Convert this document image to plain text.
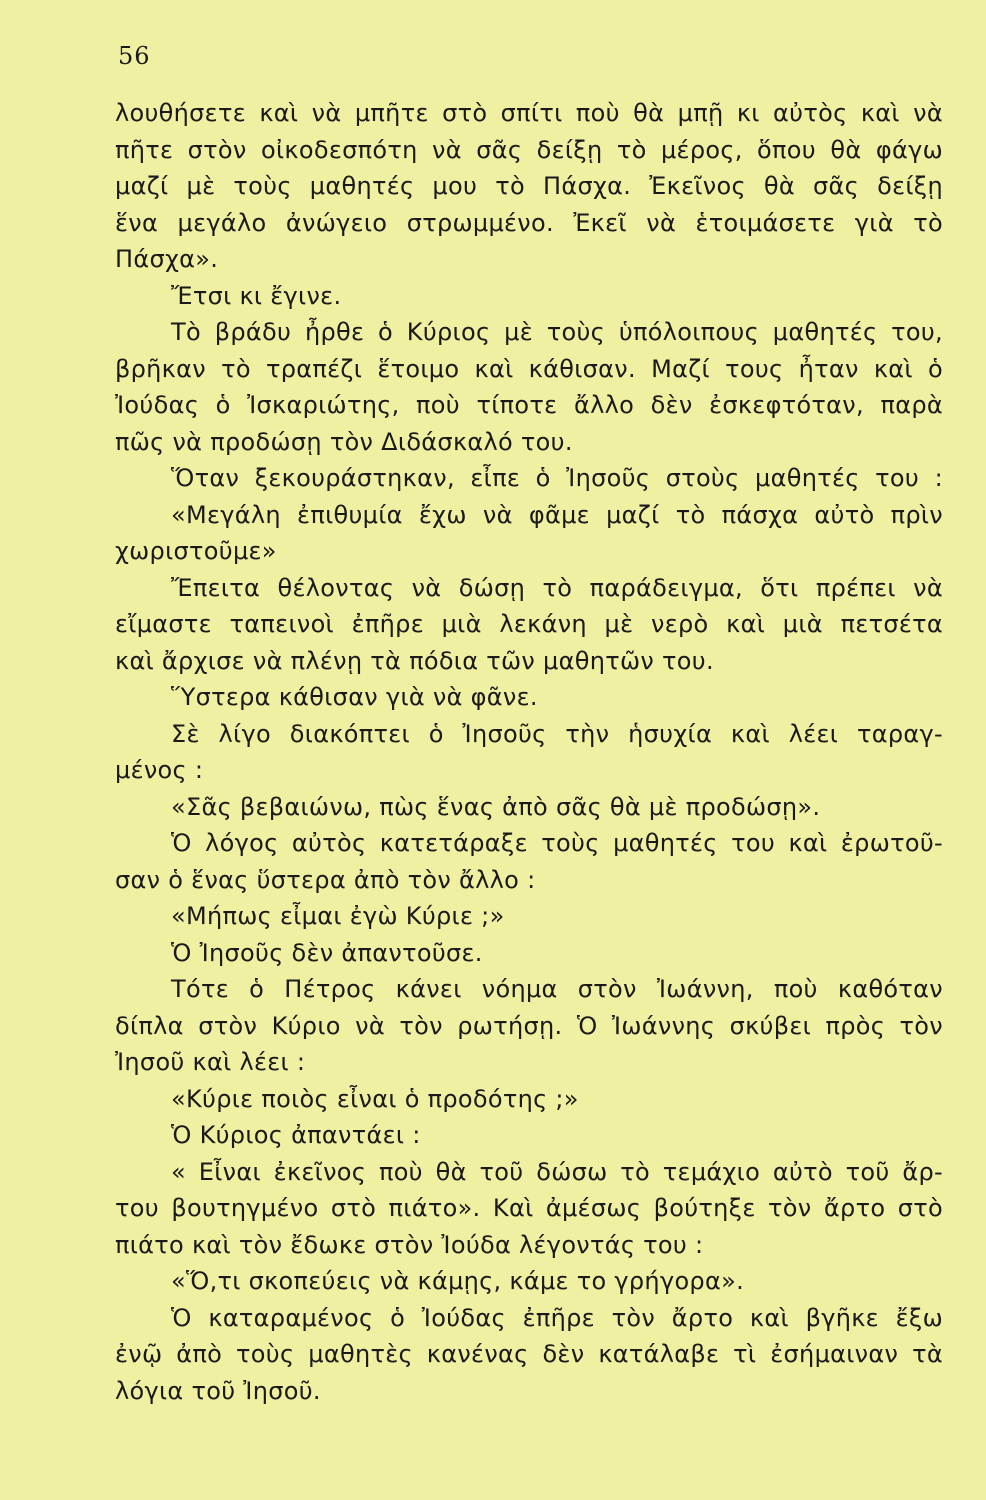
56
λουθήσετε καὶ νὰ μπῆτε στὸ σπίτι ποὺ θὰ μπῇ κι αὐτὸς καὶ νὰ
πῆτε στὸν οἰκοδεσπότη νὰ σᾶς δείξῃ τὸ μέρος, ὅπου θὰ φάγω
μαζί μὲ τοὺς μαθητές μου τὸ Πάσχα. Ἐκεῖνος θὰ σᾶς δείξῃ
ἕνα μεγάλο ἀνώγειο στρωμμένο. Ἐκεῖ νὰ ἑτοιμάσετε γιὰ τὸ
Πάσχα».
Ἔτσι κι ἔγινε.
Τὸ βράδυ ἦρθε ὁ Κύριος μὲ τοὺς ὑπόλοιπους μαθητές του,
βρῆκαν τὸ τραπέζι ἕτοιμο καὶ κάθισαν. Μαζί τους ἦταν καὶ ὁ
Ἰούδας ὁ Ἰσκαριώτης, ποὺ τίποτε ἄλλο δὲν ἐσκεφτόταν, παρὰ
πῶς νὰ προδώσῃ τὸν Διδάσκαλό του.
Ὅταν ξεκουράστηκαν, εἶπε ὁ Ἰησοῦς στοὺς μαθητές του :
«Μεγάλη ἐπιθυμία ἔχω νὰ φᾶμε μαζί τὸ πάσχα αὐτὸ πρὶν
χωριστοῦμε»
Ἔπειτα θέλοντας νὰ δώσῃ τὸ παράδειγμα, ὅτι πρέπει νὰ
εἴμαστε ταπεινοὶ ἐπῆρε μιὰ λεκάνη μὲ νερὸ καὶ μιὰ πετσέτα
καὶ ἄρχισε νὰ πλένῃ τὰ πόδια τῶν μαθητῶν του.
Ὕστερα κάθισαν γιὰ νὰ φᾶνε.
Σὲ λίγο διακόπτει ὁ Ἰησοῦς τὴν ἡσυχία καὶ λέει ταραγ-
μένος :
«Σᾶς βεβαιώνω, πὼς ἕνας ἀπὸ σᾶς θὰ μὲ προδώσῃ».
Ὁ λόγος αὐτὸς κατετάραξε τοὺς μαθητές του καὶ ἐρωτοῦ-
σαν ὁ ἕνας ὕστερα ἀπὸ τὸν ἄλλο :
«Μήπως εἶμαι ἐγὼ Κύριε ;»
Ὁ Ἰησοῦς δὲν ἀπαντοῦσε.
Τότε ὁ Πέτρος κάνει νόημα στὸν Ἰωάννη, ποὺ καθόταν
δίπλα στὸν Κύριο νὰ τὸν ρωτήσῃ. Ὁ Ἰωάννης σκύβει πρὸς τὸν
Ἰησοῦ καὶ λέει :
«Κύριε ποιὸς εἶναι ὁ προδότης ;»
Ὁ Κύριος ἀπαντάει :
« Εἶναι ἐκεῖνος ποὺ θὰ τοῦ δώσω τὸ τεμάχιο αὐτὸ τοῦ ἄρ-
του βουτηγμένο στὸ πιάτο». Καὶ ἀμέσως βούτηξε τὸν ἄρτο στὸ
πιάτο καὶ τὸν ἔδωκε στὸν Ἰούδα λέγοντάς του :
«Ὅ,τι σκοπεύεις νὰ κάμῃς, κάμε το γρήγορα».
Ὁ καταραμένος ὁ Ἰούδας ἐπῆρε τὸν ἄρτο καὶ βγῆκε ἔξω
ἐνῷ ἀπὸ τοὺς μαθητὲς κανένας δὲν κατάλαβε τὶ ἐσήμαιναν τὰ
λόγια τοῦ Ἰησοῦ.
